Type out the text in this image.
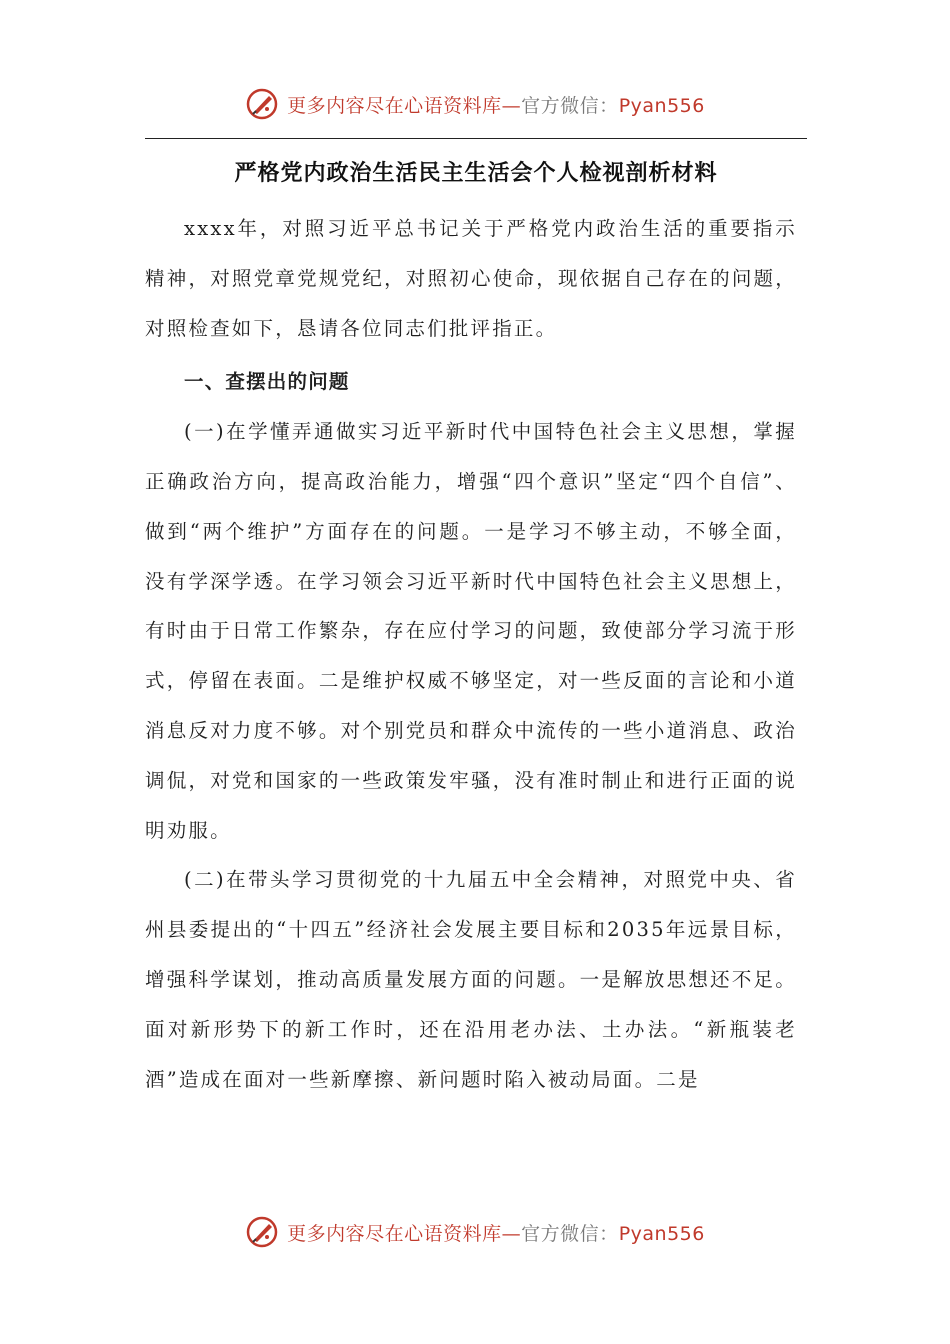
更多内容尽在心语资料库—官方微信：Pyan556
严格党内政治生活民主生活会个人检视剖析材料

xxxx年，对照习近平总书记关于严格党内政治生活的重要指示精神，对照党章党规党纪，对照初心使命，现依据自己存在的问题，对照检查如下，恳请各位同志们批评指正。

一、查摆出的问题

(一)在学懂弄通做实习近平新时代中国特色社会主义思想，掌握正确政治方向，提高政治能力，增强“四个意识”坚定“四个自信”、做到“两个维护”方面存在的问题。一是学习不够主动，不够全面，没有学深学透。在学习领会习近平新时代中国特色社会主义思想上，有时由于日常工作繁杂，存在应付学习的问题，致使部分学习流于形式，停留在表面。二是维护权威不够坚定，对一些反面的言论和小道消息反对力度不够。对个别党员和群众中流传的一些小道消息、政治调侃，对党和国家的一些政策发牢骚，没有准时制止和进行正面的说明劝服。

(二)在带头学习贯彻党的十九届五中全会精神，对照党中央、省州县委提出的“十四五”经济社会发展主要目标和2035年远景目标，增强科学谋划，推动高质量发展方面的问题。一是解放思想还不足。面对新形势下的新工作时，还在沿用老办法、土办法。“新瓶装老酒”造成在面对一些新摩擦、新问题时陷入被动局面。二是

更多内容尽在心语资料库—官方微信：Pyan556
